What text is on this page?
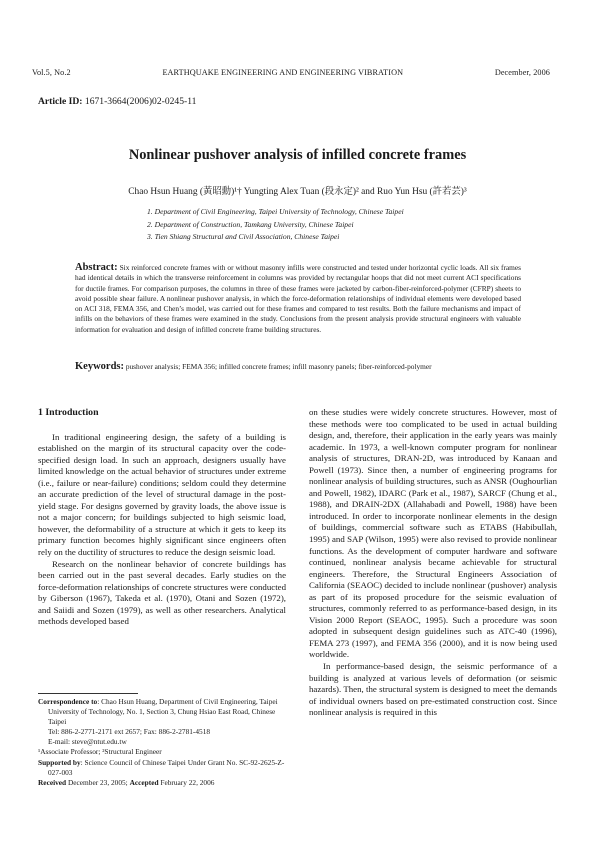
Vol.5, No.2	EARTHQUAKE ENGINEERING AND ENGINEERING VIBRATION	December, 2006
Article ID: 1671-3664(2006)02-0245-11
Nonlinear pushover analysis of infilled concrete frames
Chao Hsun Huang (黃昭勳)¹† Yungting Alex Tuan (段永定)² and Ruo Yun Hsu (許若芸)³
1. Department of Civil Engineering, Taipei University of Technology, Chinese Taipei
2. Department of Construction, Tamkang University, Chinese Taipei
3. Tien Shiang Structural and Civil Association, Chinese Taipei
Abstract: Six reinforced concrete frames with or without masonry infills were constructed and tested under horizontal cyclic loads. All six frames had identical details in which the transverse reinforcement in columns was provided by rectangular hoops that did not meet current ACI specifications for ductile frames. For comparison purposes, the columns in three of these frames were jacketed by carbon-fiber-reinforced-polymer (CFRP) sheets to avoid possible shear failure. A nonlinear pushover analysis, in which the force-deformation relationships of individual elements were developed based on ACI 318, FEMA 356, and Chen’s model, was carried out for these frames and compared to test results. Both the failure mechanisms and impact of infills on the behaviors of these frames were examined in the study. Conclusions from the present analysis provide structural engineers with valuable information for evaluation and design of infilled concrete frame building structures.
Keywords: pushover analysis; FEMA 356; infilled concrete frames; infill masonry panels; fiber-reinforced-polymer
1 Introduction

In traditional engineering design, the safety of a building is established on the margin of its structural capacity over the code-specified design load. In such an approach, designers usually have limited knowledge on the actual behavior of structures under extreme (i.e., failure or near-failure) conditions; seldom could they determine an accurate prediction of the level of structural damage in the post-yield stage. For designs governed by gravity loads, the above issue is not a major concern; for buildings subjected to high seismic load, however, the deformability of a structure at which it gets to keep its primary function becomes highly significant since engineers often rely on the ductility of structures to reduce the design seismic load.

Research on the nonlinear behavior of concrete buildings has been carried out in the past several decades. Early studies on the force-deformation relationships of concrete structures were conducted by Giberson (1967), Takeda et al. (1970), Otani and Sozen (1972), and Saiidi and Sozen (1979), as well as other researchers. Analytical methods developed based

on these studies were widely concrete structures. However, most of these methods were too complicated to be used in actual building design, and, therefore, their application in the early years was mainly academic. In 1973, a well-known computer program for nonlinear analysis of structures, DRAN-2D, was introduced by Kanaan and Powell (1973). Since then, a number of engineering programs for nonlinear analysis of building structures, such as ANSR (Oughourlian and Powell, 1982), IDARC (Park et al., 1987), SARCF (Chung et al., 1988), and DRAIN-2DX (Allahabadi and Powell, 1988) have been introduced. In order to incorporate nonlinear elements in the design of buildings, commercial software such as ETABS (Habibullah, 1995) and SAP (Wilson, 1995) were also revised to provide nonlinear functions. As the development of computer hardware and software continued, nonlinear analysis became achievable for structural engineers. Therefore, the Structural Engineers Association of California (SEAOC) decided to include nonlinear (pushover) analysis as part of its proposed procedure for the seismic evaluation of structures, commonly referred to as performance-based design, in its Vision 2000 Report (SEAOC, 1995). Such a procedure was soon adopted in subsequent design guidelines such as ATC-40 (1996), FEMA 273 (1997), and FEMA 356 (2000), and it is now being used worldwide.

In performance-based design, the seismic performance of a building is analyzed at various levels of deformation (or seismic hazards). Then, the structural system is designed to meet the demands of individual owners based on pre-estimated construction cost. Since nonlinear analysis is required in this

Correspondence to: Chao Hsun Huang, Department of Civil Engineering, Taipei University of Technology, No. 1, Section 3, Chung Hsiao East Road, Chinese Taipei
Tel: 886-2-2771-2171 ext 2657; Fax: 886-2-2781-4518
E-mail: steve@ntut.edu.tw
¹Associate Professor; ²Structural Engineer
Supported by: Science Council of Chinese Taipei Under Grant No. SC-92-2625-Z-027-003
Received December 23, 2005; Accepted February 22, 2006
